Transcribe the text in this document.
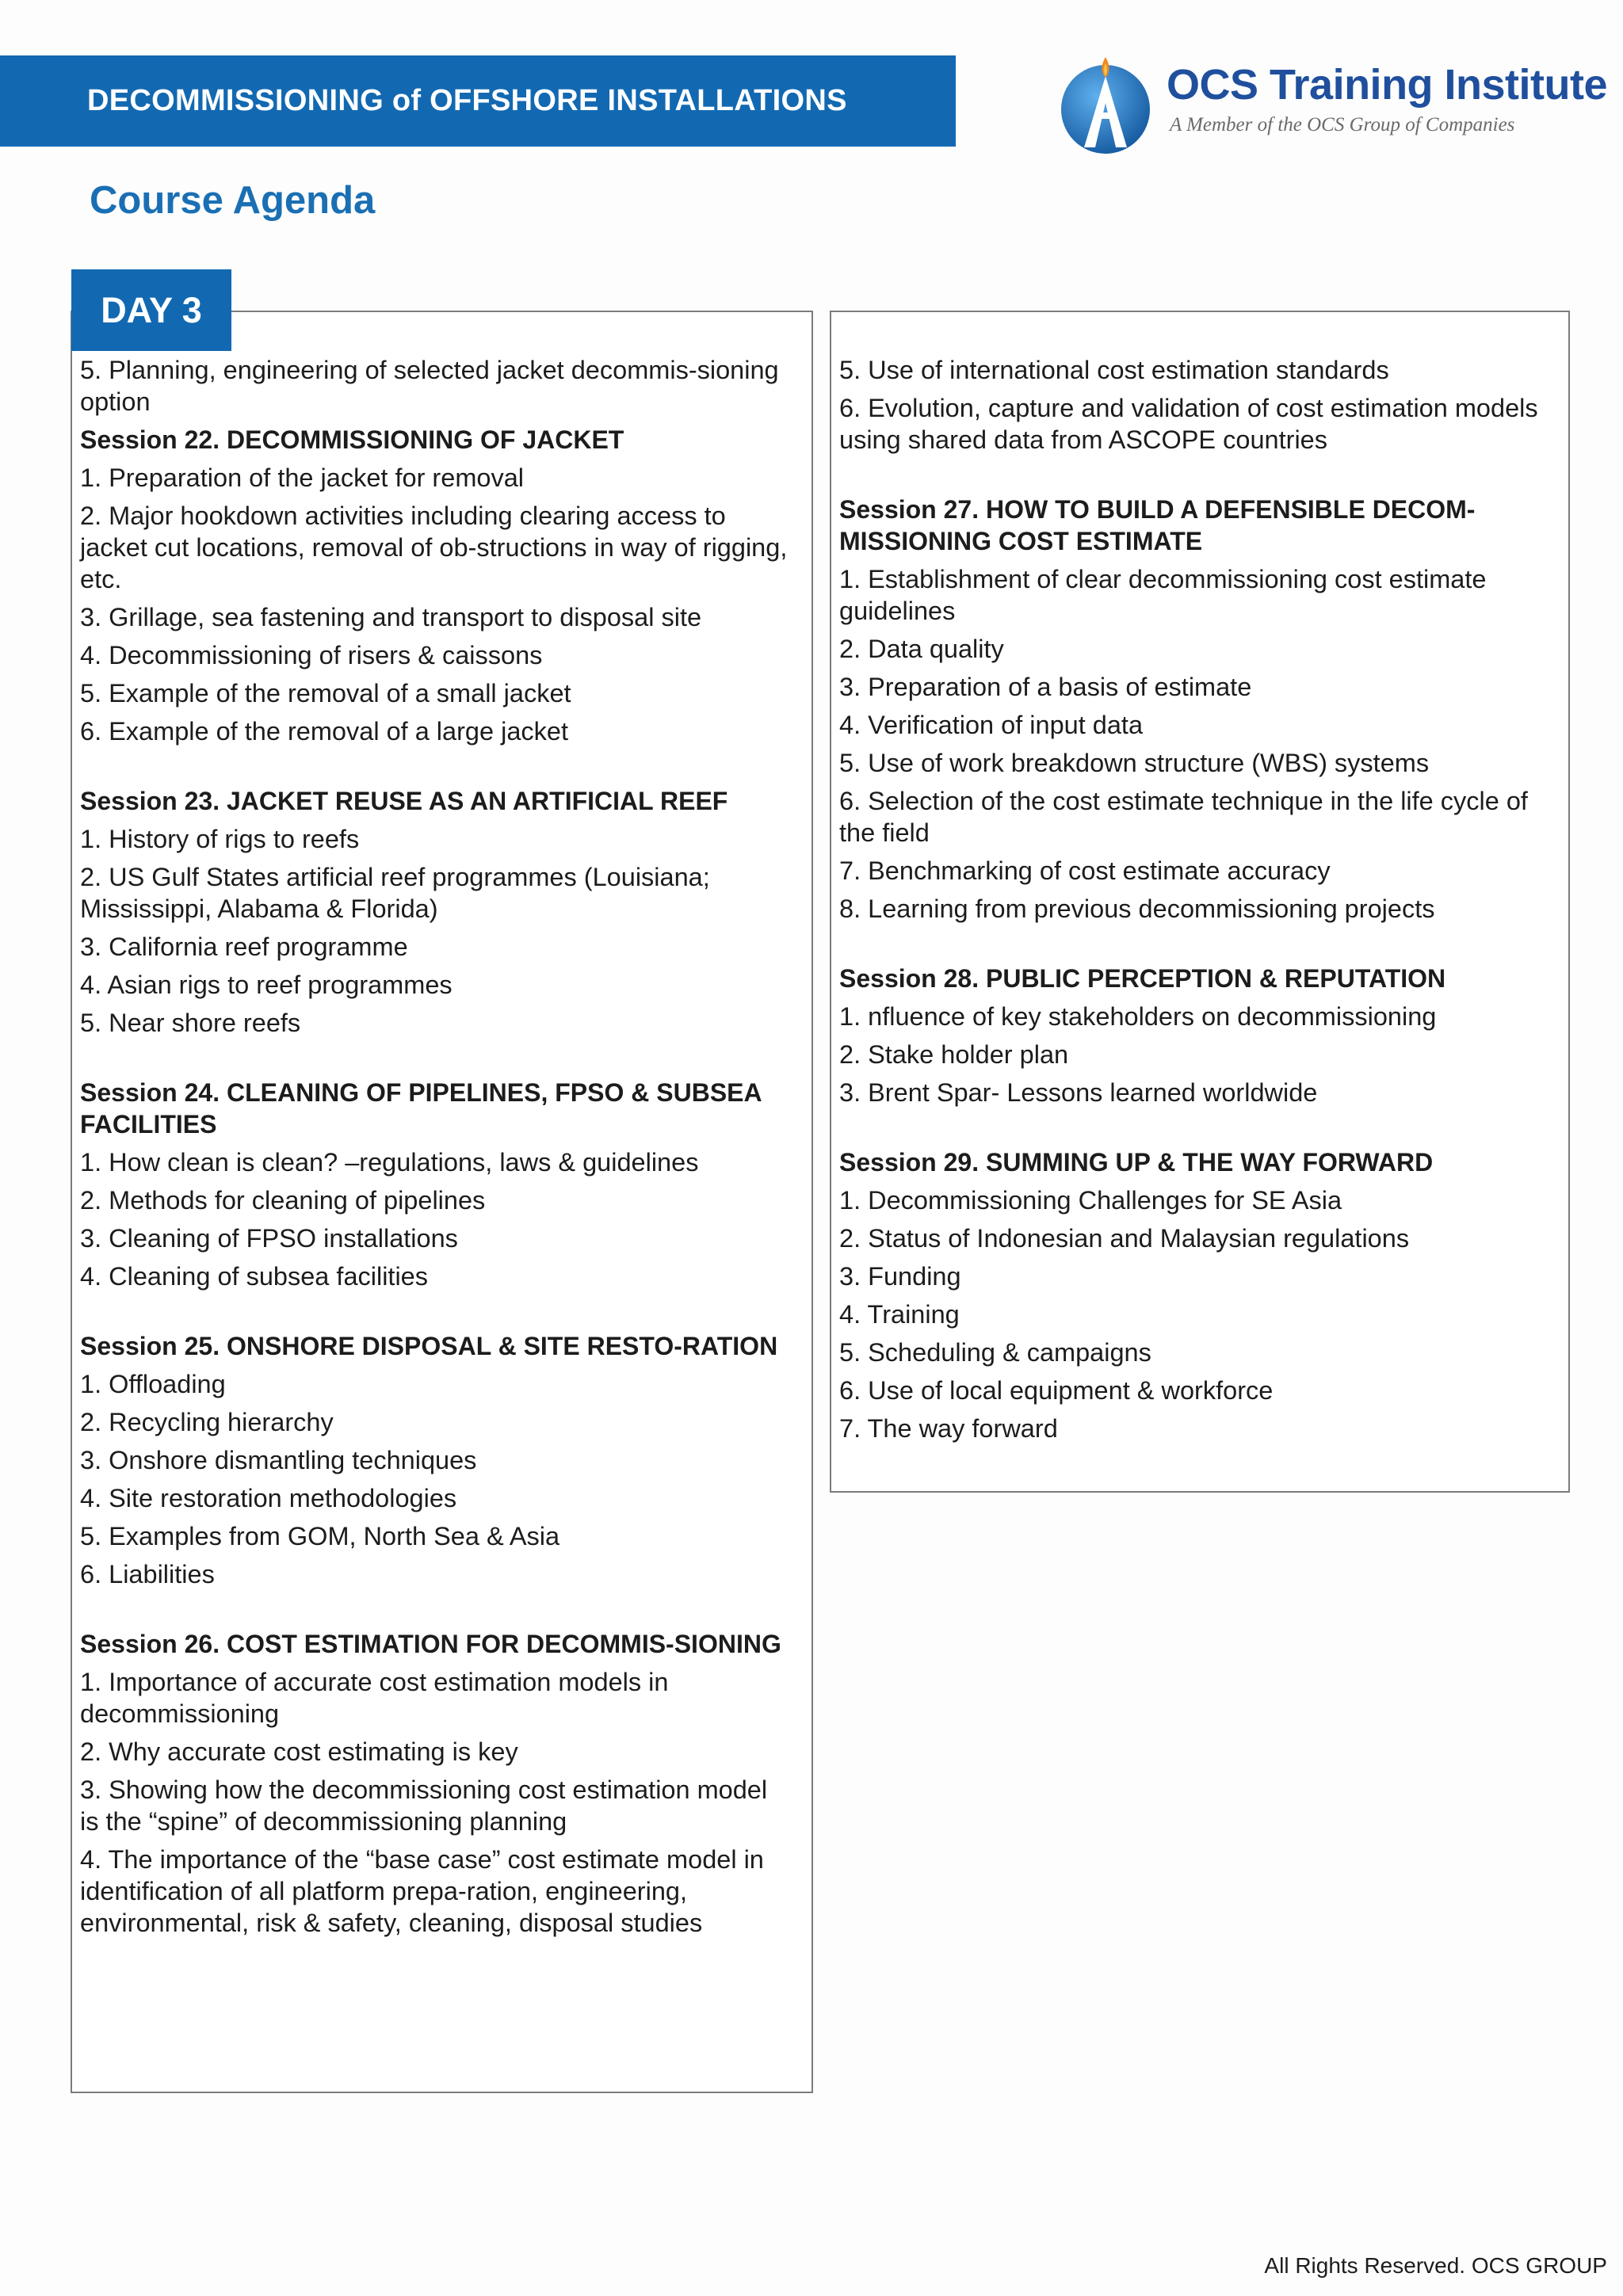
DECOMMISSIONING of OFFSHORE INSTALLATIONS	OCS Training Institute
A Member of the OCS Group of Companies
Course Agenda
DAY 3
5. Planning, engineering of selected jacket decommis-sioning option
Session 22. DECOMMISSIONING OF JACKET
1. Preparation of the jacket for removal
2. Major hookdown activities including clearing access to jacket cut locations, removal of ob-structions in way of rigging, etc.
3. Grillage, sea fastening and transport to disposal site
4. Decommissioning of risers & caissons
5. Example of the removal of a small jacket
6. Example of the removal of a large jacket
Session 23. JACKET REUSE AS AN ARTIFICIAL REEF
1. History of rigs to reefs
2. US Gulf States artificial reef programmes (Louisiana; Mississippi, Alabama & Florida)
3. California reef programme
4. Asian rigs to reef programmes
5. Near shore reefs
Session 24. CLEANING OF PIPELINES, FPSO & SUBSEA FACILITIES
1. How clean is clean? –regulations, laws & guidelines
2. Methods for cleaning of pipelines
3. Cleaning of FPSO installations
4. Cleaning of subsea facilities
Session 25. ONSHORE DISPOSAL & SITE RESTO-RATION
1. Offloading
2. Recycling hierarchy
3. Onshore dismantling techniques
4. Site restoration methodologies
5. Examples from GOM, North Sea & Asia
6. Liabilities
Session 26. COST ESTIMATION FOR DECOMMIS-SIONING
1. Importance of accurate cost estimation models in decommissioning
2. Why accurate cost estimating is key
3. Showing how the decommissioning cost estimation model is the “spine” of decommissioning planning
4. The importance of the “base case” cost estimate model in identification of all platform prepa-ration, engineering, environmental, risk & safety, cleaning, disposal studies
5. Use of international cost estimation standards
6. Evolution, capture and validation of cost estimation models using shared data from ASCOPE countries
Session 27. HOW TO BUILD A DEFENSIBLE DECOM-MISSIONING COST ESTIMATE
1. Establishment of clear decommissioning cost estimate guidelines
2. Data quality
3. Preparation of a basis of estimate
4. Verification of input data
5. Use of work breakdown structure (WBS) systems
6. Selection of the cost estimate technique in the life cycle of the field
7. Benchmarking of cost estimate accuracy
8. Learning from previous decommissioning projects
Session 28. PUBLIC PERCEPTION & REPUTATION
1. nfluence of key stakeholders on decommissioning
2. Stake holder plan
3. Brent Spar- Lessons learned worldwide
Session 29. SUMMING UP & THE WAY FORWARD
1. Decommissioning Challenges for SE Asia
2. Status of Indonesian and Malaysian regulations
3. Funding
4. Training
5. Scheduling & campaigns
6. Use of local equipment & workforce
7. The way forward
All Rights Reserved. OCS GROUP
